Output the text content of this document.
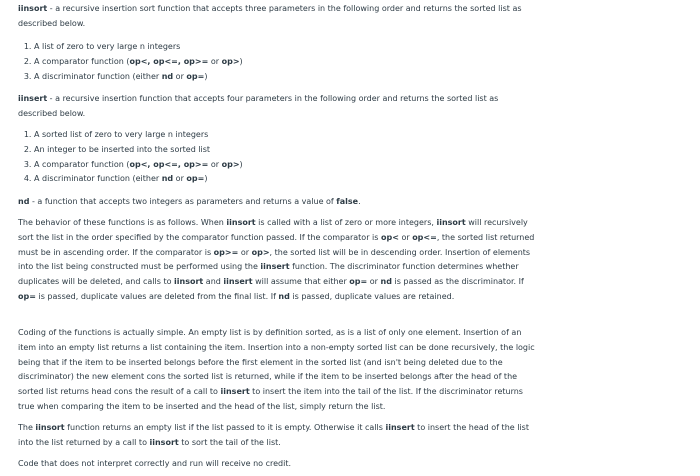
iinsort - a recursive insertion sort function that accepts three parameters in the following order and returns the sorted list as described below.

1. A list of zero to very large n integers
2. A comparator function (op<, op<=, op>= or op>)
3. A discriminator function (either nd or op=)

iinsert - a recursive insertion function that accepts four parameters in the following order and returns the sorted list as described below.

1. A sorted list of zero to very large n integers
2. An integer to be inserted into the sorted list
3. A comparator function (op<, op<=, op>= or op>)
4. A discriminator function (either nd or op=)

nd - a function that accepts two integers as parameters and returns a value of false.

The behavior of these functions is as follows. When iinsort is called with a list of zero or more integers, iinsort will recursively sort the list in the order specified by the comparator function passed. If the comparator is op< or op<=, the sorted list returned must be in ascending order. If the comparator is op>= or op>, the sorted list will be in descending order. Insertion of elements into the list being constructed must be performed using the iinsert function. The discriminator function determines whether duplicates will be deleted, and calls to iinsort and iinsert will assume that either op= or nd is passed as the discriminator. If op= is passed, duplicate values are deleted from the final list. If nd is passed, duplicate values are retained.

Coding of the functions is actually simple. An empty list is by definition sorted, as is a list of only one element. Insertion of an item into an empty list returns a list containing the item. Insertion into a non-empty sorted list can be done recursively, the logic being that if the item to be inserted belongs before the first element in the sorted list (and isn't being deleted due to the discriminator) the new element cons the sorted list is returned, while if the item to be inserted belongs after the head of the sorted list returns head cons the result of a call to iinsert to insert the item into the tail of the list. If the discriminator returns true when comparing the item to be inserted and the head of the list, simply return the list.

The iinsort function returns an empty list if the list passed to it is empty. Otherwise it calls iinsert to insert the head of the list into the list returned by a call to iinsort to sort the tail of the list.

Code that does not interpret correctly and run will receive no credit.
